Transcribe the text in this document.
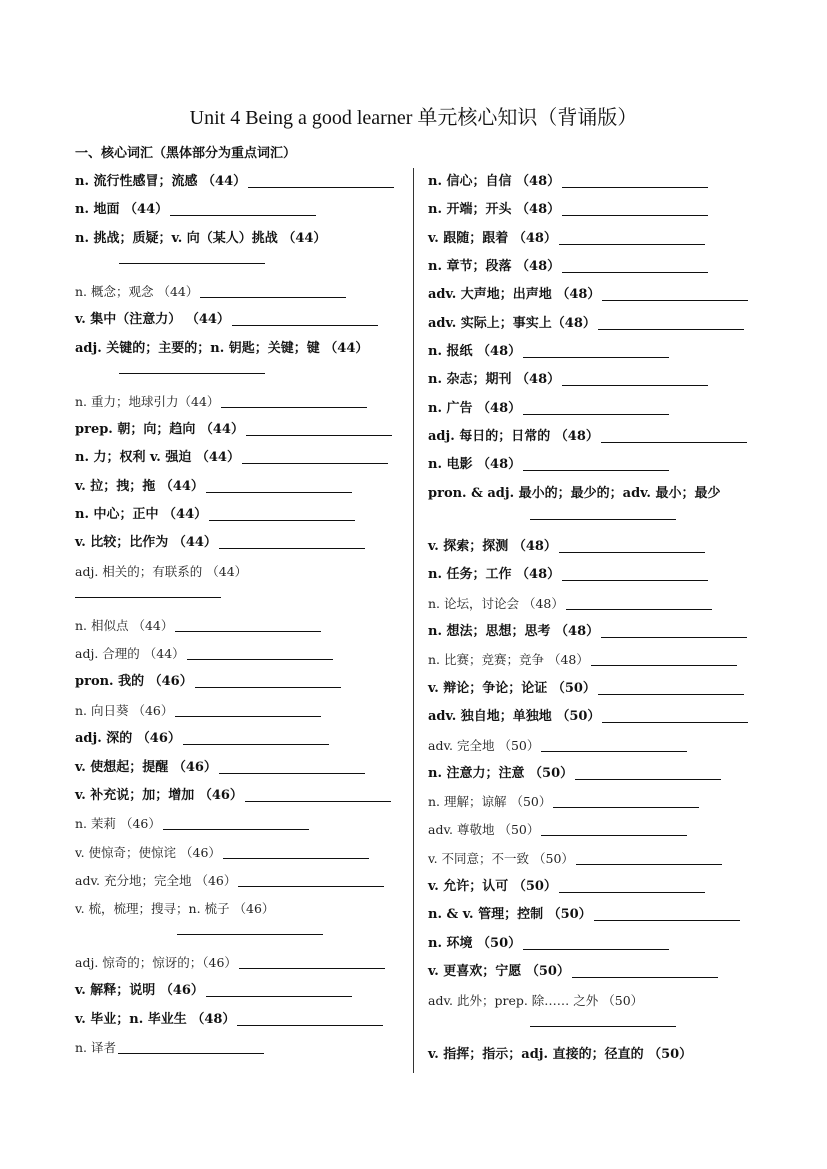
Unit 4 Being a good learner 单元核心知识（背诵版）
一、核心词汇（黑体部分为重点词汇）
n. 流行性感冒；流感 （44）
n. 地面 （44）
n. 挑战；质疑；v. 向（某人）挑战 （44）
n. 概念；观念 （44）
v. 集中（注意力） （44）
adj. 关键的；主要的；n. 钥匙；关键；键 （44）
n. 重力；地球引力（44）
prep. 朝；向；趋向 （44）
n. 力；权利 v. 强迫 （44）
v. 拉；拽；拖 （44）
n. 中心；正中 （44）
v. 比较；比作为 （44）
adj. 相关的；有联系的 （44）
n. 相似点 （44）
adj. 合理的 （44）
pron. 我的 （46）
n. 向日葵 （46）
adj. 深的 （46）
v. 使想起；提醒 （46）
v. 补充说；加；增加 （46）
n. 茉莉 （46）
v. 使惊奇；使惊诧 （46）
adv. 充分地；完全地 （46）
v. 梳，梳理；搜寻；n. 梳子 （46）
adj. 惊奇的；惊讶的；（46）
v. 解释；说明 （46）
v. 毕业；n. 毕业生 （48）
n. 译者
n. 信心；自信 （48）
n. 开端；开头 （48）
v. 跟随；跟着 （48）
n. 章节；段落 （48）
adv. 大声地；出声地 （48）
adv. 实际上；事实上（48）
n. 报纸 （48）
n. 杂志；期刊 （48）
n. 广告 （48）
adj. 每日的；日常的 （48）
n. 电影 （48）
pron. & adj. 最小的；最少的；adv. 最小；最少
v. 探索；探测 （48）
n. 任务；工作 （48）
n. 论坛，讨论会 （48）
n. 想法；思想；思考 （48）
n. 比赛；竞赛；竞争 （48）
v. 辩论；争论；论证 （50）
adv. 独自地；单独地 （50）
adv. 完全地 （50）
n. 注意力；注意 （50）
n. 理解；谅解 （50）
adv. 尊敬地 （50）
v. 不同意；不一致 （50）
v. 允许；认可 （50）
n. & v. 管理；控制 （50）
n. 环境 （50）
v. 更喜欢；宁愿 （50）
adv. 此外；prep. 除…… 之外 （50）
v. 指挥；指示；adj. 直接的；径直的 （50）
